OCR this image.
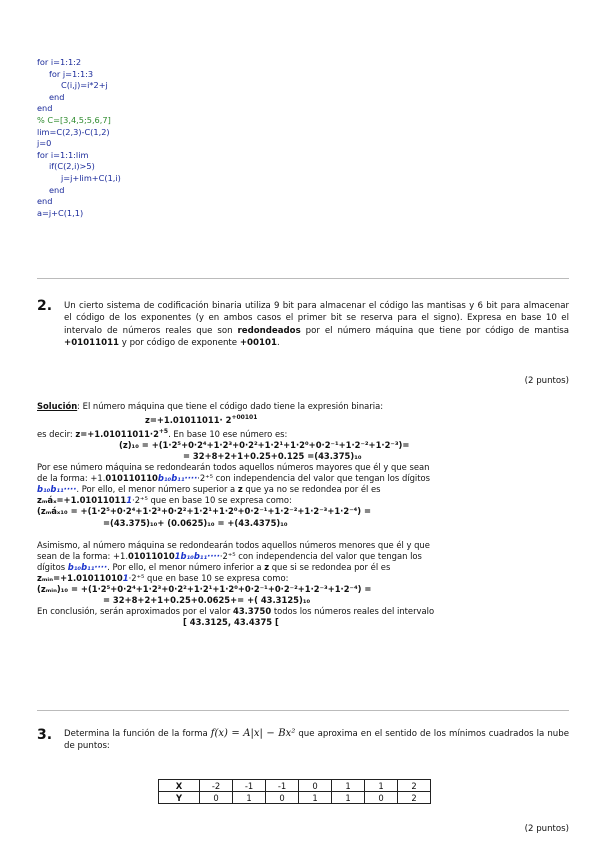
for i=1:1:2
for j=1:1:3
C(i,j)=i*2+j
end
end
% C=[3,4,5;5,6,7]
lim=C(2,3)-C(1,2)
j=0
for i=1:1:lim
if(C(2,i)>5)
j=j+lim+C(1,i)
end
end
a=j+C(1,1)
2. Un cierto sistema de codificación binaria utiliza 9 bit para almacenar el código las mantisas y 6 bit para almacenar el código de los exponentes (y en ambos casos el primer bit se reserva para el signo). Expresa en base 10 el intervalo de números reales que son redondeados por el número máquina que tiene por código de mantisa +01011011 y por código de exponente +00101.
(2 puntos)
Solución: El número máquina que tiene el código dado tiene la expresión binaria:
$z=+1.01011011\cdot 2^{+00101}$
es decir: $z=+1.01011011\cdot 2^{+5}$. En base 10 ese número es:
(z)₁₀ = +(1·2⁵+0·2⁴+1·2³+0·2²+1·2¹+1·2⁰+0·2⁻¹+1·2⁻²+1·2⁻³)=
= 32+8+2+1+0.25+0.125 =(43.375)₁₀
Por ese número máquina se redondearán todos aquellos números mayores que él y que sean
de la forma: +1.010110110b₁₀b₁₁·····2⁺⁵ con independencia del valor que tengan los dígitos
b₁₀b₁₁····. Por ello, el menor número superior a z que ya no se redondea por él es
zₘáₓ=+1.010110111·2⁺⁵ que en base 10 se expresa como:
(zₘáₓ₁₀ = +(1·2⁵+0·2⁴+1·2³+0·2²+1·2¹+1·2⁰+0·2⁻¹+1·2⁻²+1·2⁻³+1·2⁻⁴) =
=(43.375)₁₀+ (0.0625)₁₀ = +(43.4375)₁₀
Asimismo, al número máquina se redondearán todos aquellos números menores que él y que
sean de la forma: +1.010110101b₁₀b₁₁·····2⁺⁵ con independencia del valor que tengan los
dígitos b₁₀b₁₁····. Por ello, el menor número inferior a z que si se redondea por él es
zₘᵢₙ=+1.010110101·2⁺⁵ que en base 10 se expresa como:
(zₘᵢₙ)₁₀ = +(1·2⁵+0·2⁴+1·2³+0·2²+1·2¹+1·2⁰+0·2⁻¹+0·2⁻²+1·2⁻³+1·2⁻⁴) =
= 32+8+2+1+0.25+0.0625+= +( 43.3125)₁₀
En conclusión, serán aproximados por el valor 43.3750 todos los números reales del intervalo
[ 43.3125, 43.4375 [
3. Determina la función de la forma f(x) = A|x| − Bx² que aproxima en el sentido de los mínimos cuadrados la nube de puntos:
X	-2	-1	-1	0	1	1	2
Y	0	1	0	1	1	0	2
(2 puntos)
